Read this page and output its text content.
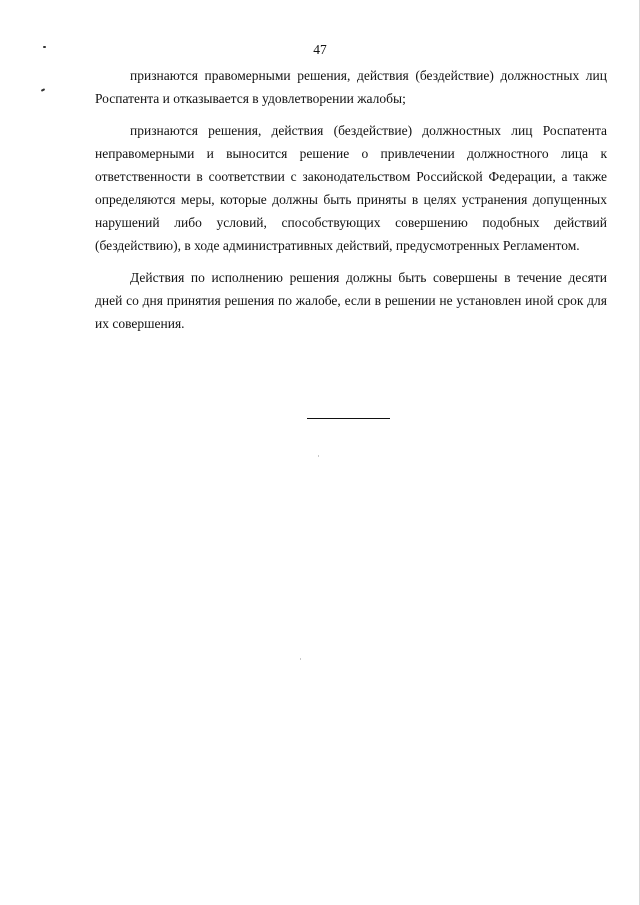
47

признаются правомерными решения, действия (бездействие) должностных лиц Роспатента и отказывается в удовлетворении жалобы;

признаются решения, действия (бездействие) должностных лиц Роспатента неправомерными и выносится решение о привлечении должностного лица к ответственности в соответствии с законодательством Российской Федерации, а также определяются меры, которые должны быть приняты в целях устранения допущенных нарушений либо условий, способствующих совершению подобных действий (бездействию), в ходе административных действий, предусмотренных Регламентом.

Действия по исполнению решения должны быть совершены в течение десяти дней со дня принятия решения по жалобе, если в решении не установлен иной срок для их совершения.
